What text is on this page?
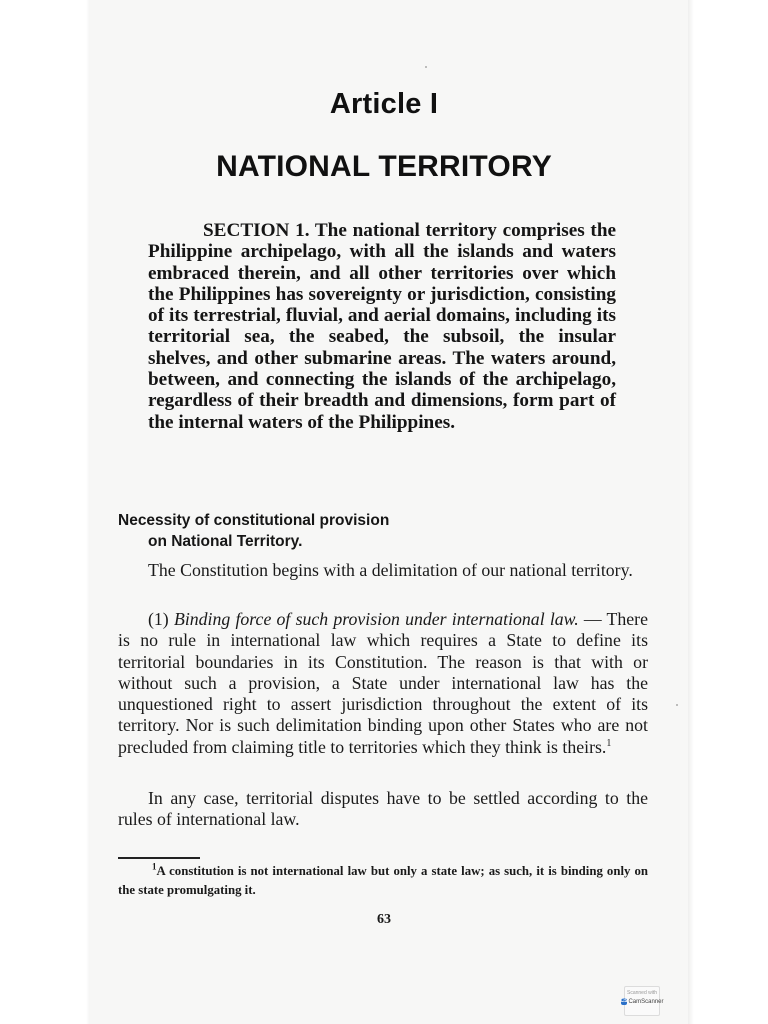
Article I
NATIONAL TERRITORY

SECTION 1. The national territory comprises the Philippine archipelago, with all the islands and waters embraced therein, and all other territories over which the Philippines has sovereignty or jurisdiction, consisting of its terrestrial, fluvial, and aerial domains, including its territorial sea, the seabed, the subsoil, the insular shelves, and other submarine areas. The waters around, between, and connecting the islands of the archipelago, regardless of their breadth and dimensions, form part of the internal waters of the Philippines.

Necessity of constitutional provision
on National Territory.

The Constitution begins with a delimitation of our national territory.

(1) Binding force of such provision under international law. — There is no rule in international law which requires a State to define its territorial boundaries in its Constitution. The reason is that with or without such a provision, a State under international law has the unquestioned right to assert jurisdiction throughout the extent of its territory. Nor is such delimitation binding upon other States who are not precluded from claiming title to territories which they think is theirs.$^1$

In any case, territorial disputes have to be settled according to the rules of international law.

$^1$A constitution is not international law but only a state law; as such, it is binding only on the state promulgating it.

63
Scanned with
CS CamScanner
